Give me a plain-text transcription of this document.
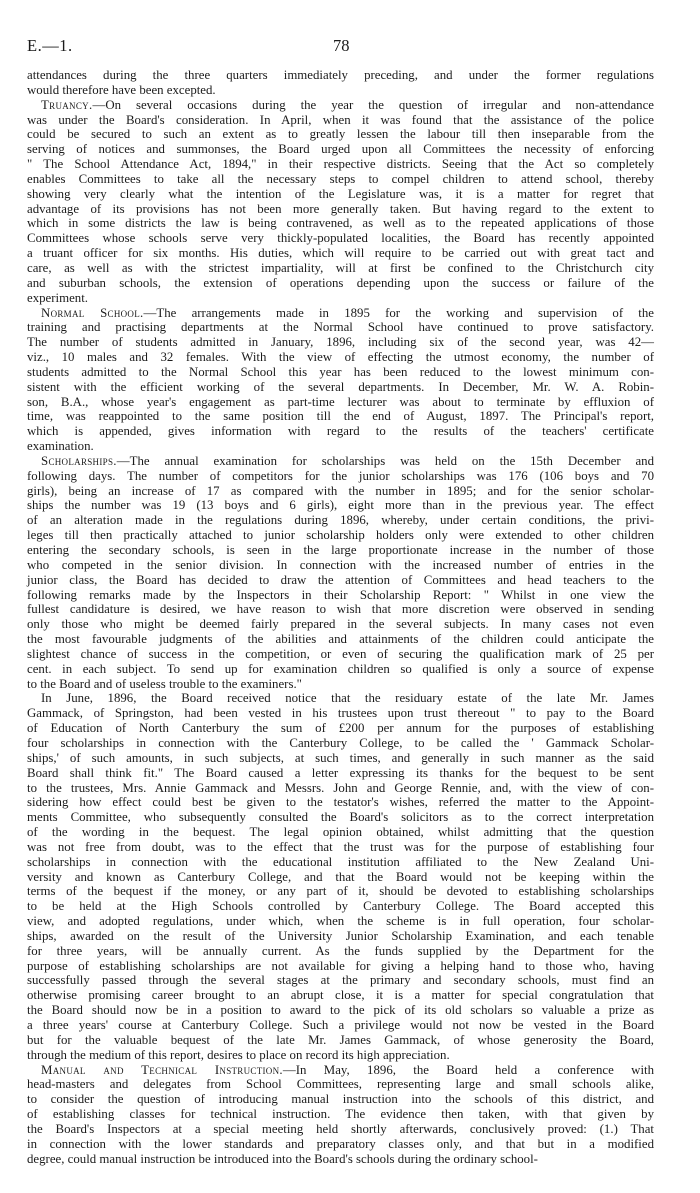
E.—1.	78
attendances during the three quarters immediately preceding, and under the former regulations
would therefore have been excepted.
Truancy.—On several occasions during the year the question of irregular and non-attendance
was under the Board's consideration. In April, when it was found that the assistance of the police
could be secured to such an extent as to greatly lessen the labour till then inseparable from the
serving of notices and summonses, the Board urged upon all Committees the necessity of enforcing
" The School Attendance Act, 1894," in their respective districts. Seeing that the Act so completely
enables Committees to take all the necessary steps to compel children to attend school, thereby
showing very clearly what the intention of the Legislature was, it is a matter for regret that
advantage of its provisions has not been more generally taken. But having regard to the extent to
which in some districts the law is being contravened, as well as to the repeated applications of those
Committees whose schools serve very thickly-populated localities, the Board has recently appointed
a truant officer for six months. His duties, which will require to be carried out with great tact and
care, as well as with the strictest impartiality, will at first be confined to the Christchurch city
and suburban schools, the extension of operations depending upon the success or failure of the
experiment.
Normal School.—The arrangements made in 1895 for the working and supervision of the
training and practising departments at the Normal School have continued to prove satisfactory.
The number of students admitted in January, 1896, including six of the second year, was 42—
viz., 10 males and 32 females. With the view of effecting the utmost economy, the number of
students admitted to the Normal School this year has been reduced to the lowest minimum con-
sistent with the efficient working of the several departments. In December, Mr. W. A. Robin-
son, B.A., whose year's engagement as part-time lecturer was about to terminate by effluxion of
time, was reappointed to the same position till the end of August, 1897. The Principal's report,
which is appended, gives information with regard to the results of the teachers' certificate
examination.
Scholarships.—The annual examination for scholarships was held on the 15th December and
following days. The number of competitors for the junior scholarships was 176 (106 boys and 70
girls), being an increase of 17 as compared with the number in 1895; and for the senior scholar-
ships the number was 19 (13 boys and 6 girls), eight more than in the previous year. The effect
of an alteration made in the regulations during 1896, whereby, under certain conditions, the privi-
leges till then practically attached to junior scholarship holders only were extended to other children
entering the secondary schools, is seen in the large proportionate increase in the number of those
who competed in the senior division. In connection with the increased number of entries in the
junior class, the Board has decided to draw the attention of Committees and head teachers to the
following remarks made by the Inspectors in their Scholarship Report: " Whilst in one view the
fullest candidature is desired, we have reason to wish that more discretion were observed in sending
only those who might be deemed fairly prepared in the several subjects. In many cases not even
the most favourable judgments of the abilities and attainments of the children could anticipate the
slightest chance of success in the competition, or even of securing the qualification mark of 25 per
cent. in each subject. To send up for examination children so qualified is only a source of expense
to the Board and of useless trouble to the examiners."
In June, 1896, the Board received notice that the residuary estate of the late Mr. James
Gammack, of Springston, had been vested in his trustees upon trust thereout " to pay to the Board
of Education of North Canterbury the sum of £200 per annum for the purposes of establishing
four scholarships in connection with the Canterbury College, to be called the ' Gammack Scholar-
ships,' of such amounts, in such subjects, at such times, and generally in such manner as the said
Board shall think fit." The Board caused a letter expressing its thanks for the bequest to be sent
to the trustees, Mrs. Annie Gammack and Messrs. John and George Rennie, and, with the view of con-
sidering how effect could best be given to the testator's wishes, referred the matter to the Appoint-
ments Committee, who subsequently consulted the Board's solicitors as to the correct interpretation
of the wording in the bequest. The legal opinion obtained, whilst admitting that the question
was not free from doubt, was to the effect that the trust was for the purpose of establishing four
scholarships in connection with the educational institution affiliated to the New Zealand Uni-
versity and known as Canterbury College, and that the Board would not be keeping within the
terms of the bequest if the money, or any part of it, should be devoted to establishing scholarships
to be held at the High Schools controlled by Canterbury College. The Board accepted this
view, and adopted regulations, under which, when the scheme is in full operation, four scholar-
ships, awarded on the result of the University Junior Scholarship Examination, and each tenable
for three years, will be annually current. As the funds supplied by the Department for the
purpose of establishing scholarships are not available for giving a helping hand to those who, having
successfully passed through the several stages at the primary and secondary schools, must find an
otherwise promising career brought to an abrupt close, it is a matter for special congratulation that
the Board should now be in a position to award to the pick of its old scholars so valuable a prize as
a three years' course at Canterbury College. Such a privilege would not now be vested in the Board
but for the valuable bequest of the late Mr. James Gammack, of whose generosity the Board,
through the medium of this report, desires to place on record its high appreciation.
Manual and Technical Instruction.—In May, 1896, the Board held a conference with
head-masters and delegates from School Committees, representing large and small schools alike,
to consider the question of introducing manual instruction into the schools of this district, and
of establishing classes for technical instruction. The evidence then taken, with that given by
the Board's Inspectors at a special meeting held shortly afterwards, conclusively proved: (1.) That
in connection with the lower standards and preparatory classes only, and that but in a modified
degree, could manual instruction be introduced into the Board's schools during the ordinary school-
